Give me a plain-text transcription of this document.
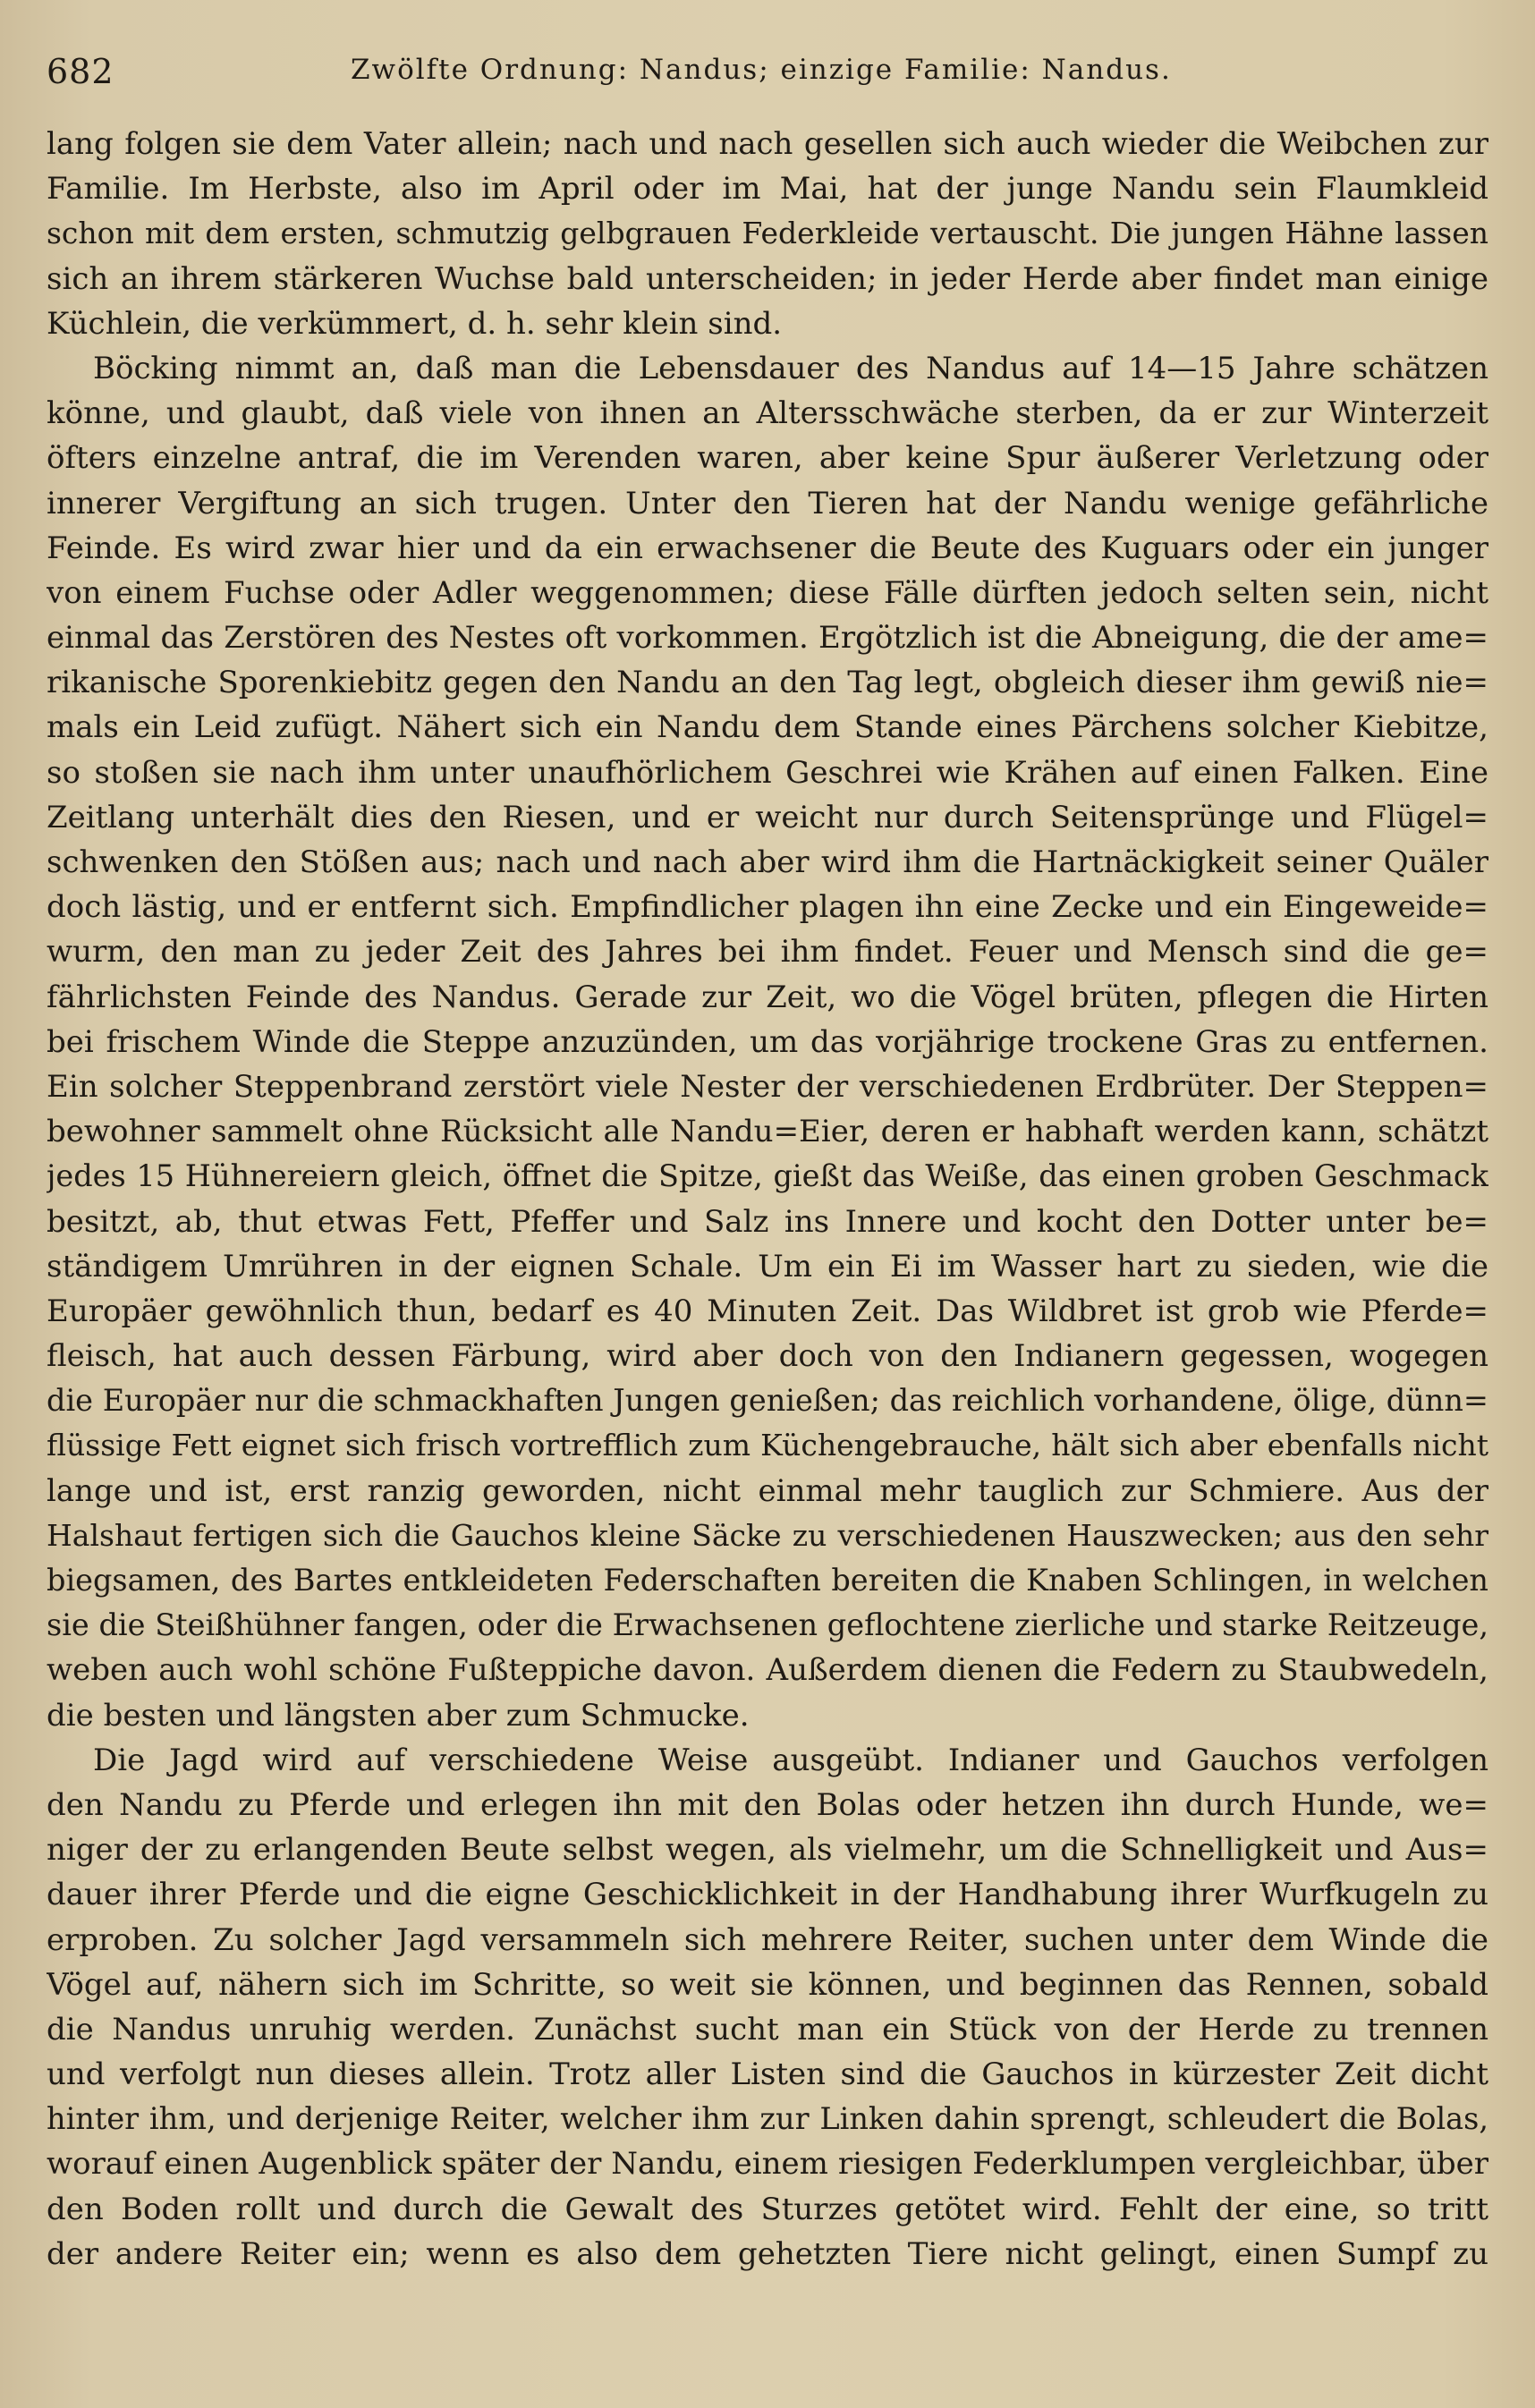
682	Zwölfte Ordnung: Nandus; einzige Familie: Nandus.
lang folgen sie dem Vater allein; nach und nach gesellen sich auch wieder die Weibchen zur
Familie. Im Herbste, also im April oder im Mai, hat der junge Nandu sein Flaumkleid
schon mit dem ersten, schmutzig gelbgrauen Federkleide vertauscht. Die jungen Hähne lassen
sich an ihrem stärkeren Wuchse bald unterscheiden; in jeder Herde aber findet man einige
Küchlein, die verkümmert, d. h. sehr klein sind.
Böcking nimmt an, daß man die Lebensdauer des Nandus auf 14—15 Jahre schätzen
könne, und glaubt, daß viele von ihnen an Altersschwäche sterben, da er zur Winterzeit
öfters einzelne antraf, die im Verenden waren, aber keine Spur äußerer Verletzung oder
innerer Vergiftung an sich trugen. Unter den Tieren hat der Nandu wenige gefährliche
Feinde. Es wird zwar hier und da ein erwachsener die Beute des Kuguars oder ein junger
von einem Fuchse oder Adler weggenommen; diese Fälle dürften jedoch selten sein, nicht
einmal das Zerstören des Nestes oft vorkommen. Ergötzlich ist die Abneigung, die der ame=
rikanische Sporenkiebitz gegen den Nandu an den Tag legt, obgleich dieser ihm gewiß nie=
mals ein Leid zufügt. Nähert sich ein Nandu dem Stande eines Pärchens solcher Kiebitze,
so stoßen sie nach ihm unter unaufhörlichem Geschrei wie Krähen auf einen Falken. Eine
Zeitlang unterhält dies den Riesen, und er weicht nur durch Seitensprünge und Flügel=
schwenken den Stößen aus; nach und nach aber wird ihm die Hartnäckigkeit seiner Quäler
doch lästig, und er entfernt sich. Empfindlicher plagen ihn eine Zecke und ein Eingeweide=
wurm, den man zu jeder Zeit des Jahres bei ihm findet. Feuer und Mensch sind die ge=
fährlichsten Feinde des Nandus. Gerade zur Zeit, wo die Vögel brüten, pflegen die Hirten
bei frischem Winde die Steppe anzuzünden, um das vorjährige trockene Gras zu entfernen.
Ein solcher Steppenbrand zerstört viele Nester der verschiedenen Erdbrüter. Der Steppen=
bewohner sammelt ohne Rücksicht alle Nandu=Eier, deren er habhaft werden kann, schätzt
jedes 15 Hühnereiern gleich, öffnet die Spitze, gießt das Weiße, das einen groben Geschmack
besitzt, ab, thut etwas Fett, Pfeffer und Salz ins Innere und kocht den Dotter unter be=
ständigem Umrühren in der eignen Schale. Um ein Ei im Wasser hart zu sieden, wie die
Europäer gewöhnlich thun, bedarf es 40 Minuten Zeit. Das Wildbret ist grob wie Pferde=
fleisch, hat auch dessen Färbung, wird aber doch von den Indianern gegessen, wogegen
die Europäer nur die schmackhaften Jungen genießen; das reichlich vorhandene, ölige, dünn=
flüssige Fett eignet sich frisch vortrefflich zum Küchengebrauche, hält sich aber ebenfalls nicht
lange und ist, erst ranzig geworden, nicht einmal mehr tauglich zur Schmiere. Aus der
Halshaut fertigen sich die Gauchos kleine Säcke zu verschiedenen Hauszwecken; aus den sehr
biegsamen, des Bartes entkleideten Federschaften bereiten die Knaben Schlingen, in welchen
sie die Steißhühner fangen, oder die Erwachsenen geflochtene zierliche und starke Reitzeuge,
weben auch wohl schöne Fußteppiche davon. Außerdem dienen die Federn zu Staubwedeln,
die besten und längsten aber zum Schmucke.
Die Jagd wird auf verschiedene Weise ausgeübt. Indianer und Gauchos verfolgen
den Nandu zu Pferde und erlegen ihn mit den Bolas oder hetzen ihn durch Hunde, we=
niger der zu erlangenden Beute selbst wegen, als vielmehr, um die Schnelligkeit und Aus=
dauer ihrer Pferde und die eigne Geschicklichkeit in der Handhabung ihrer Wurfkugeln zu
erproben. Zu solcher Jagd versammeln sich mehrere Reiter, suchen unter dem Winde die
Vögel auf, nähern sich im Schritte, so weit sie können, und beginnen das Rennen, sobald
die Nandus unruhig werden. Zunächst sucht man ein Stück von der Herde zu trennen
und verfolgt nun dieses allein. Trotz aller Listen sind die Gauchos in kürzester Zeit dicht
hinter ihm, und derjenige Reiter, welcher ihm zur Linken dahin sprengt, schleudert die Bolas,
worauf einen Augenblick später der Nandu, einem riesigen Federklumpen vergleichbar, über
den Boden rollt und durch die Gewalt des Sturzes getötet wird. Fehlt der eine, so tritt
der andere Reiter ein; wenn es also dem gehetzten Tiere nicht gelingt, einen Sumpf zu
